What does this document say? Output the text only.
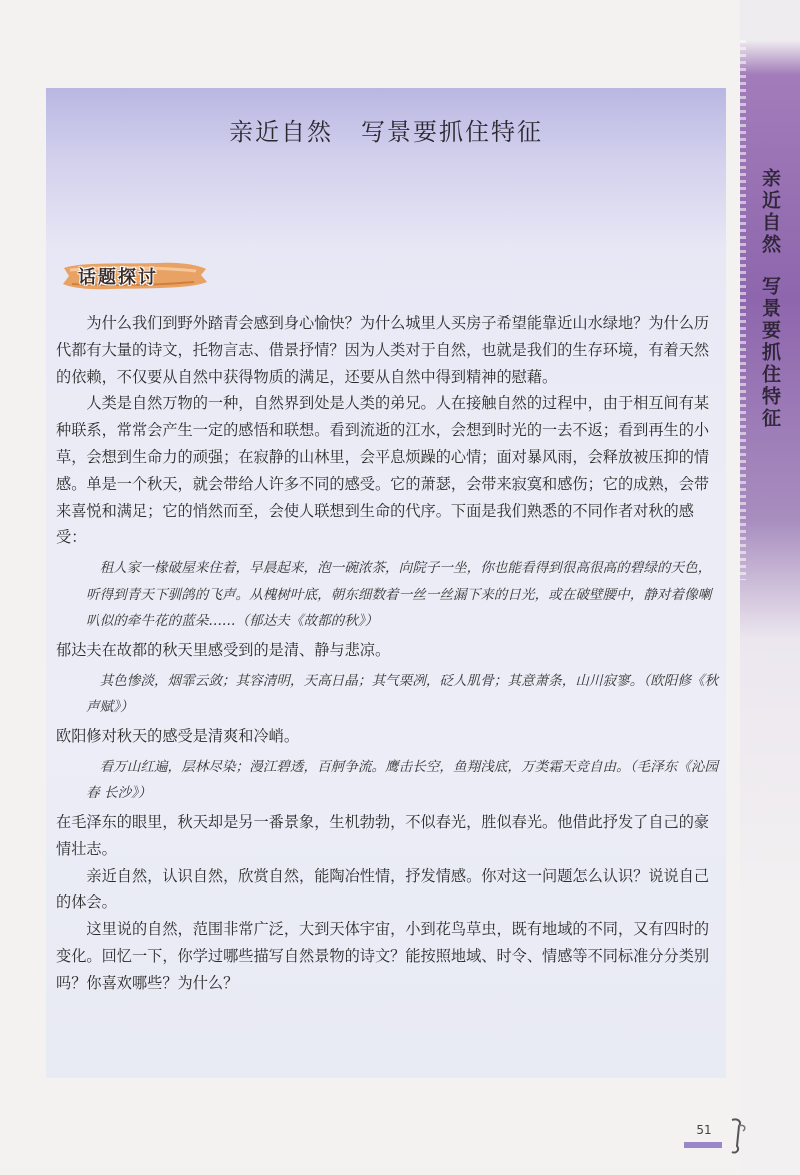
亲近自然写景要抓住特征
亲近自然 写景要抓住特征
话题探讨

为什么我们到野外踏青会感到身心愉快？为什么城里人买房子希望能靠近山水绿地？为什么历代都有大量的诗文，托物言志、借景抒情？因为人类对于自然，也就是我们的生存环境，有着天然的依赖，不仅要从自然中获得物质的满足，还要从自然中得到精神的慰藉。

人类是自然万物的一种，自然界到处是人类的弟兄。人在接触自然的过程中，由于相互间有某种联系，常常会产生一定的感悟和联想。看到流逝的江水，会想到时光的一去不返；看到再生的小草，会想到生命力的顽强；在寂静的山林里，会平息烦躁的心情；面对暴风雨，会释放被压抑的情感。单是一个秋天，就会带给人许多不同的感受。它的萧瑟，会带来寂寞和感伤；它的成熟，会带来喜悦和满足；它的悄然而至，会使人联想到生命的代序。下面是我们熟悉的不同作者对秋的感受：

租人家一椽破屋来住着，早晨起来，泡一碗浓茶，向院子一坐，你也能看得到很高很高的碧绿的天色，听得到青天下驯鸽的飞声。从槐树叶底，朝东细数着一丝一丝漏下来的日光，或在破壁腰中，静对着像喇叭似的牵牛花的蓝朵……（郁达夫《故都的秋》）

郁达夫在故都的秋天里感受到的是清、静与悲凉。

其色惨淡，烟霏云敛；其容清明，天高日晶；其气栗冽，砭人肌骨；其意萧条，山川寂寥。（欧阳修《秋声赋》）

欧阳修对秋天的感受是清爽和冷峭。

看万山红遍，层林尽染；漫江碧透，百舸争流。鹰击长空，鱼翔浅底，万类霜天竞自由。（毛泽东《沁园春 长沙》）

在毛泽东的眼里，秋天却是另一番景象，生机勃勃，不似春光，胜似春光。他借此抒发了自己的豪情壮志。

亲近自然，认识自然，欣赏自然，能陶冶性情，抒发情感。你对这一问题怎么认识？说说自己的体会。

这里说的自然，范围非常广泛，大到天体宇宙，小到花鸟草虫，既有地域的不同，又有四时的变化。回忆一下，你学过哪些描写自然景物的诗文？能按照地域、时令、情感等不同标准分分类别吗？你喜欢哪些？为什么？

51
